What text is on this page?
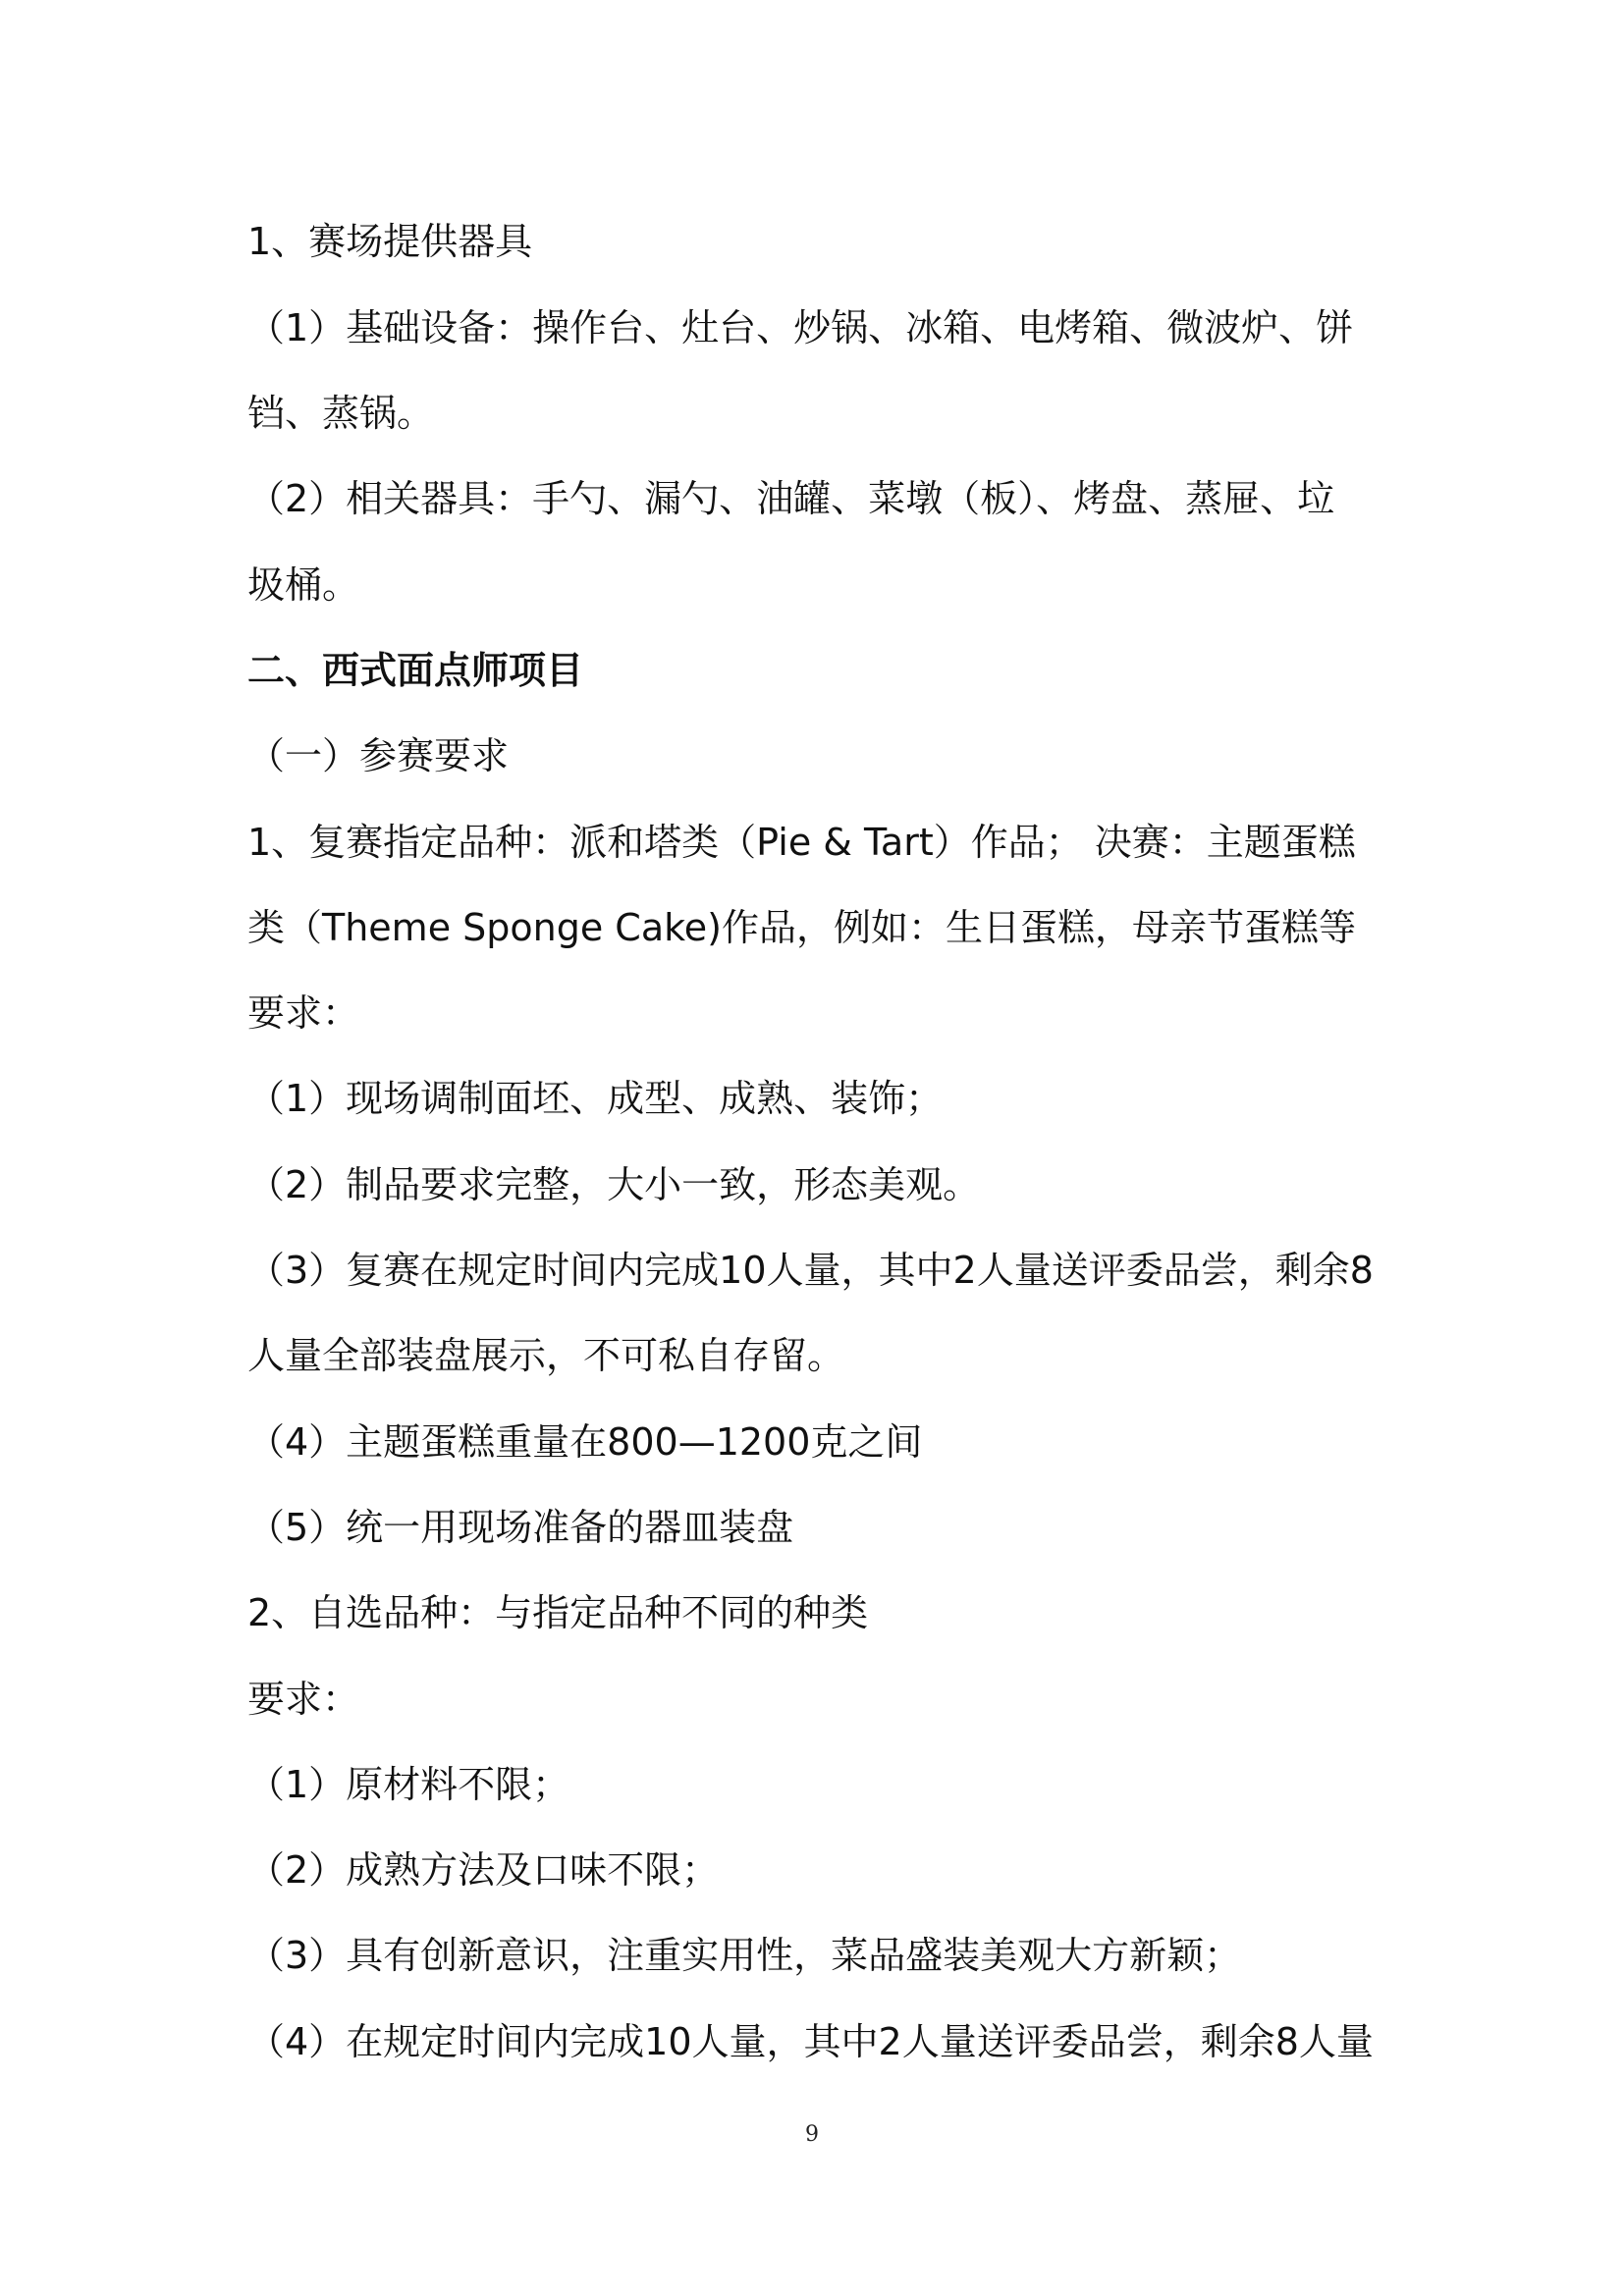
1、赛场提供器具
（1）基础设备：操作台、灶台、炒锅、冰箱、电烤箱、微波炉、饼
铛、蒸锅。
（2）相关器具：手勺、漏勺、油罐、菜墩（板）、烤盘、蒸屉、垃
圾桶。
二、西式面点师项目
（一）参赛要求
1、复赛指定品种：派和塔类（Pie & Tart）作品； 决赛：主题蛋糕
类（Theme Sponge Cake)作品，例如：生日蛋糕，母亲节蛋糕等
要求：
（1）现场调制面坯、成型、成熟、装饰；
（2）制品要求完整，大小一致，形态美观。
（3）复赛在规定时间内完成10人量，其中2人量送评委品尝，剩余8
人量全部装盘展示，不可私自存留。
（4）主题蛋糕重量在800—1200克之间
（5）统一用现场准备的器皿装盘
2、自选品种：与指定品种不同的种类
要求：
（1）原材料不限；
（2）成熟方法及口味不限；
（3）具有创新意识，注重实用性，菜品盛装美观大方新颖；
（4）在规定时间内完成10人量，其中2人量送评委品尝，剩余8人量
9
